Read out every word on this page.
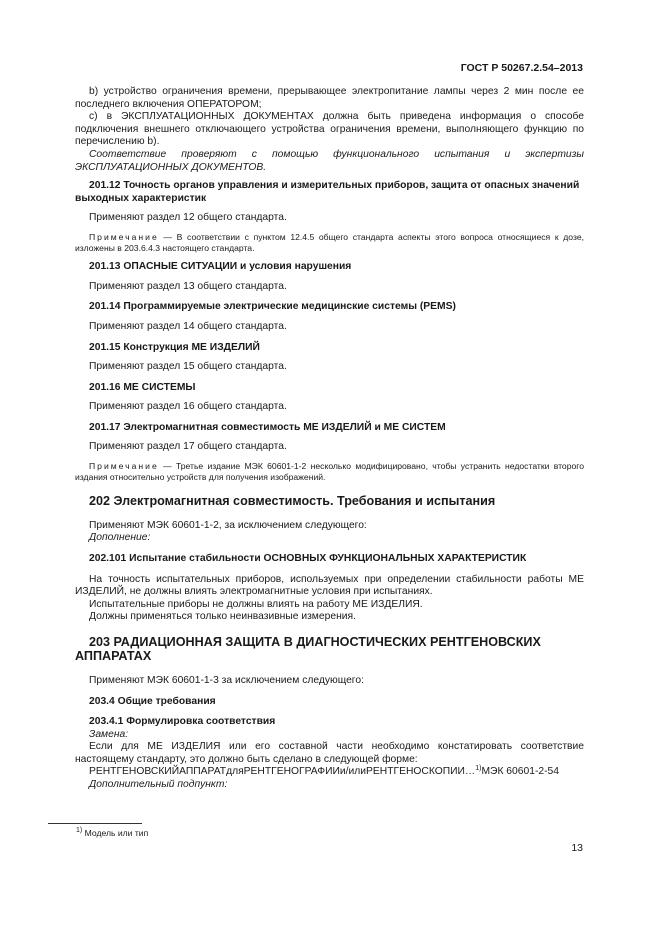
ГОСТ Р 50267.2.54–2013

b) устройство ограничения времени, прерывающее электропитание лампы через 2 мин после ее последнего включения ОПЕРАТОРОМ;

c) в ЭКСПЛУАТАЦИОННЫХ ДОКУМЕНТАХ должна быть приведена информация о способе подключения внешнего отключающего устройства ограничения времени, выполняющего функцию по перечислению b).

Соответствие проверяют с помощью функционального испытания и экспертизы ЭКСПЛУАТАЦИОННЫХ ДОКУМЕНТОВ.

201.12 Точность органов управления и измерительных приборов, защита от опасных значений выходных характеристик

Применяют раздел 12 общего стандарта.

Примечание — В соответствии с пунктом 12.4.5 общего стандарта аспекты этого вопроса относящиеся к дозе, изложены в 203.6.4.3 настоящего стандарта.

201.13 ОПАСНЫЕ СИТУАЦИИ и условия нарушения

Применяют раздел 13 общего стандарта.

201.14 Программируемые электрические медицинские системы (PEMS)

Применяют раздел 14 общего стандарта.

201.15 Конструкция МЕ ИЗДЕЛИЙ

Применяют раздел 15 общего стандарта.

201.16 МЕ СИСТЕМЫ

Применяют раздел 16 общего стандарта.

201.17 Электромагнитная совместимость МЕ ИЗДЕЛИЙ и МЕ СИСТЕМ

Применяют раздел 17 общего стандарта.

Примечание — Третье издание МЭК 60601-1-2 несколько модифицировано, чтобы устранить недостатки второго издания относительно устройств для получения изображений.

202 Электромагнитная совместимость. Требования и испытания

Применяют МЭК 60601-1-2, за исключением следующего:

Дополнение:

202.101 Испытание стабильности ОСНОВНЫХ ФУНКЦИОНАЛЬНЫХ ХАРАКТЕРИСТИК

На точность испытательных приборов, используемых при определении стабильности работы МЕ ИЗДЕЛИЙ, не должны влиять электромагнитные условия при испытаниях.

Испытательные приборы не должны влиять на работу МЕ ИЗДЕЛИЯ.

Должны применяться только неинвазивные измерения.

203 РАДИАЦИОННАЯ ЗАЩИТА В ДИАГНОСТИЧЕСКИХ РЕНТГЕНОВСКИХ АППАРАТАХ

Применяют МЭК 60601-1-3 за исключением следующего:

203.4 Общие требования

203.4.1 Формулировка соответствия

Замена:

Если для МЕ ИЗДЕЛИЯ или его составной части необходимо констатировать соответствие настоящему стандарту, это должно быть сделано в следующей форме:

РЕНТГЕНОВСКИЙАППАРАТдляРЕНТГЕНОГРАФИИи/илиРЕНТГЕНОСКОПИИ…$^{1)}$МЭК 60601-2-54

Дополнительный подпункт:

$^{1)}$ Модель или тип
13
